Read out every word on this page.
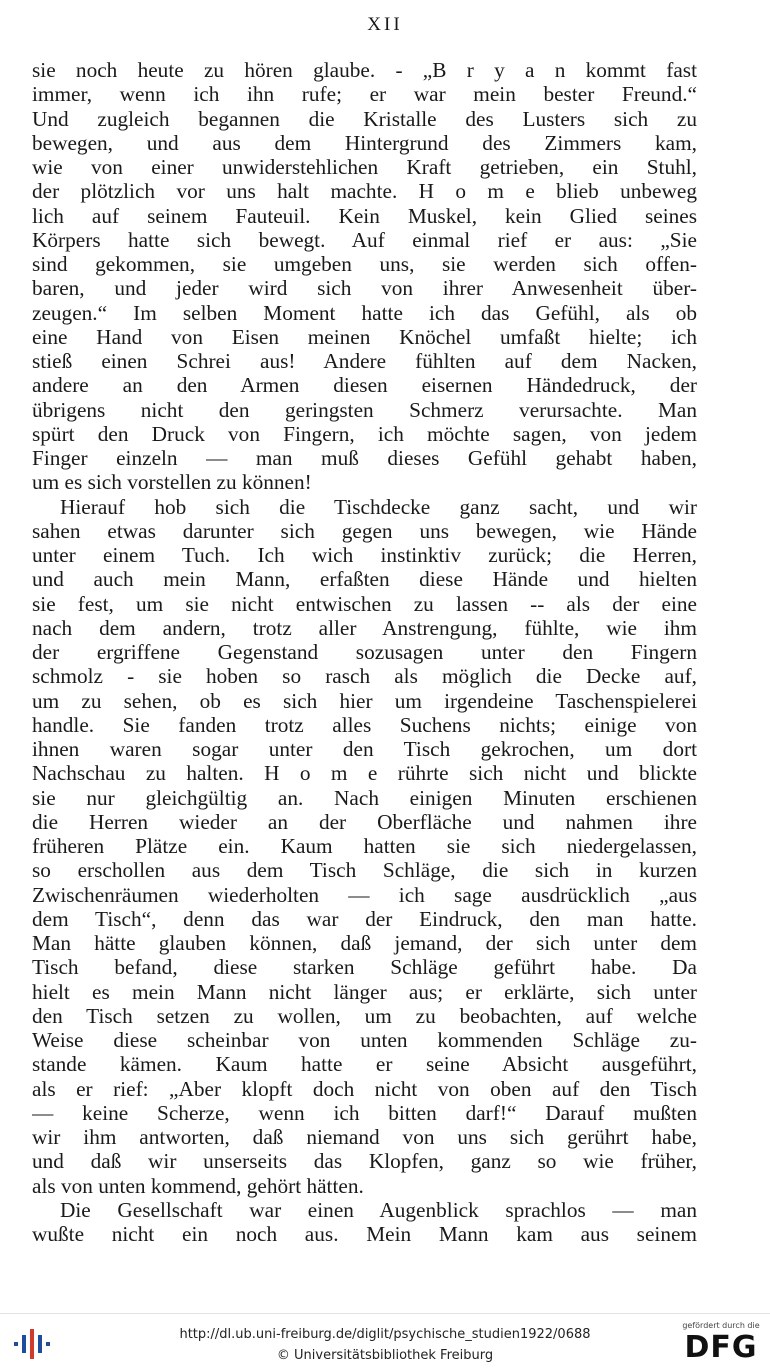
XII
sie noch heute zu hören glaube. - „B r y a n kommt fast
immer, wenn ich ihn rufe; er war mein bester Freund.“
Und zugleich begannen die Kristalle des Lusters sich zu
bewegen, und aus dem Hintergrund des Zimmers kam,
wie von einer unwiderstehlichen Kraft getrieben, ein Stuhl,
der plötzlich vor uns halt machte. H o m e blieb unbeweg
lich auf seinem Fauteuil. Kein Muskel, kein Glied seines
Körpers hatte sich bewegt. Auf einmal rief er aus: „Sie
sind gekommen, sie umgeben uns, sie werden sich offen-
baren, und jeder wird sich von ihrer Anwesenheit über-
zeugen.“ Im selben Moment hatte ich das Gefühl, als ob
eine Hand von Eisen meinen Knöchel umfaßt hielte; ich
stieß einen Schrei aus! Andere fühlten auf dem Nacken,
andere an den Armen diesen eisernen Händedruck, der
übrigens nicht den geringsten Schmerz verursachte. Man
spürt den Druck von Fingern, ich möchte sagen, von jedem
Finger einzeln — man muß dieses Gefühl gehabt haben,
um es sich vorstellen zu können!
Hierauf hob sich die Tischdecke ganz sacht, und wir
sahen etwas darunter sich gegen uns bewegen, wie Hände
unter einem Tuch. Ich wich instinktiv zurück; die Herren,
und auch mein Mann, erfaßten diese Hände und hielten
sie fest, um sie nicht entwischen zu lassen -- als der eine
nach dem andern, trotz aller Anstrengung, fühlte, wie ihm
der ergriffene Gegenstand sozusagen unter den Fingern
schmolz - sie hoben so rasch als möglich die Decke auf,
um zu sehen, ob es sich hier um irgendeine Taschenspielerei
handle. Sie fanden trotz alles Suchens nichts; einige von
ihnen waren sogar unter den Tisch gekrochen, um dort
Nachschau zu halten. H o m e rührte sich nicht und blickte
sie nur gleichgültig an. Nach einigen Minuten erschienen
die Herren wieder an der Oberfläche und nahmen ihre
früheren Plätze ein. Kaum hatten sie sich niedergelassen,
so erschollen aus dem Tisch Schläge, die sich in kurzen
Zwischenräumen wiederholten — ich sage ausdrücklich „aus
dem Tisch“, denn das war der Eindruck, den man hatte.
Man hätte glauben können, daß jemand, der sich unter dem
Tisch befand, diese starken Schläge geführt habe. Da
hielt es mein Mann nicht länger aus; er erklärte, sich unter
den Tisch setzen zu wollen, um zu beobachten, auf welche
Weise diese scheinbar von unten kommenden Schläge zu-
stande kämen. Kaum hatte er seine Absicht ausgeführt,
als er rief: „Aber klopft doch nicht von oben auf den Tisch
— keine Scherze, wenn ich bitten darf!“ Darauf mußten
wir ihm antworten, daß niemand von uns sich gerührt habe,
und daß wir unserseits das Klopfen, ganz so wie früher,
als von unten kommend, gehört hätten.
Die Gesellschaft war einen Augenblick sprachlos — man
wußte nicht ein noch aus. Mein Mann kam aus seinem
http://dl.ub.uni-freiburg.de/diglit/psychische_studien1922/0688
© Universitätsbibliothek Freiburg
gefördert durch die
DFG
